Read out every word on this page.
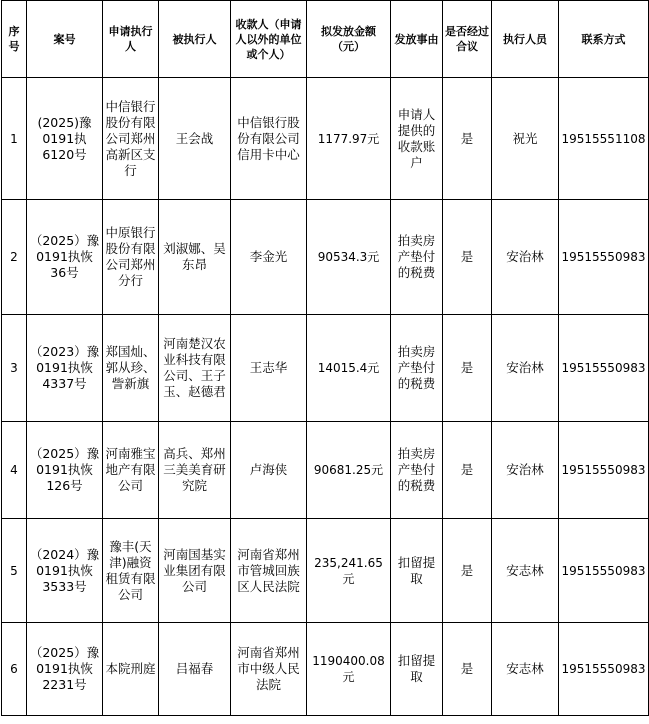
序号	案号	申请执行人	被执行人	收款人（申请人以外的单位或个人）	拟发放金额（元）	发放事由	是否经过合议	执行人员	联系方式
1	(2025)豫0191执6120号	中信银行股份有限公司郑州高新区支行	王会战	中信银行股份有限公司信用卡中心	1177.97元	申请人提供的收款账户	是	祝光	19515551108
2	（2025）豫0191执恢36号	中原银行股份有限公司郑州分行	刘淑娜、吴东昂	李金光	90534.3元	拍卖房产垫付的税费	是	安治林	19515550983
3	（2023）豫0191执恢4337号	郑国灿、郭从珍、訾新旗	河南楚汉农业科技有限公司、王子玉、赵德君	王志华	14015.4元	拍卖房产垫付的税费	是	安治林	19515550983
4	（2025）豫0191执恢126号	河南雅宝地产有限公司	高兵、郑州三美美育研究院	卢海侠	90681.25元	拍卖房产垫付的税费	是	安治林	19515550983
5	（2024）豫0191执恢3533号	豫丰(天津)融资租赁有限公司	河南国基实业集团有限公司	河南省郑州市管城回族区人民法院	235,241.65元	扣留提取	是	安志林	19515550983
6	（2025）豫0191执恢2231号	本院刑庭	吕福春	河南省郑州市中级人民法院	1190400.08元	扣留提取	是	安志林	19515550983
